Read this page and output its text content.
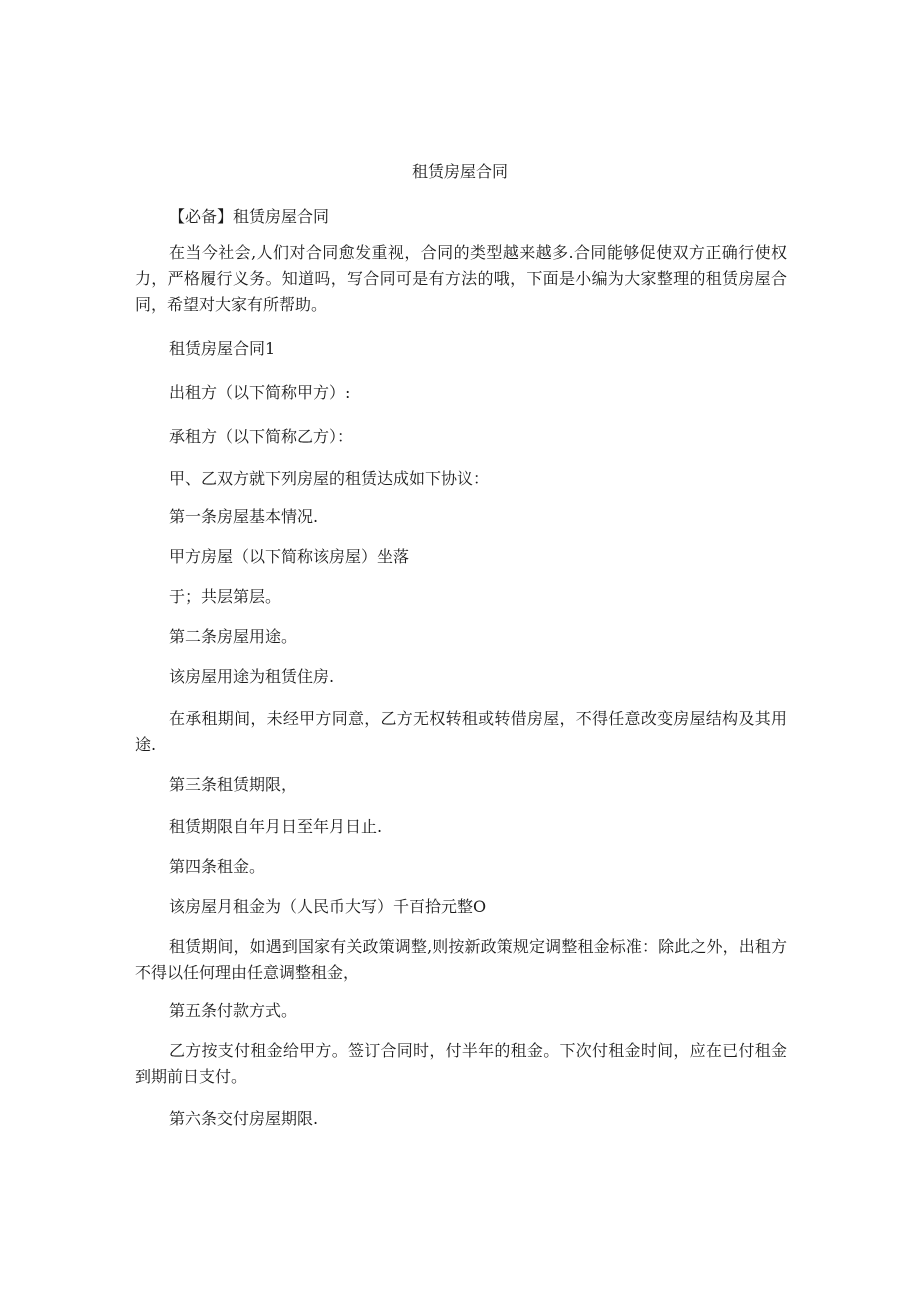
租赁房屋合同

【必备】租赁房屋合同

在当今社会,人们对合同愈发重视，合同的类型越来越多.合同能够促使双方正确行使权力，严格履行义务。知道吗，写合同可是有方法的哦，下面是小编为大家整理的租赁房屋合同，希望对大家有所帮助。

租赁房屋合同1

出租方（以下简称甲方）:

承租方（以下简称乙方）：

甲、乙双方就下列房屋的租赁达成如下协议：

第一条房屋基本情况.

甲方房屋（以下简称该房屋）坐落

于；共层第层。

第二条房屋用途。

该房屋用途为租赁住房.

在承租期间，未经甲方同意，乙方无权转租或转借房屋，不得任意改变房屋结构及其用途.

第三条租赁期限，

租赁期限自年月日至年月日止.

第四条租金。

该房屋月租金为（人民币大写）千百拾元整O

租赁期间，如遇到国家有关政策调整,则按新政策规定调整租金标准：除此之外，出租方不得以任何理由任意调整租金，

第五条付款方式。

乙方按支付租金给甲方。签订合同时，付半年的租金。下次付租金时间，应在已付租金到期前日支付。

第六条交付房屋期限.
